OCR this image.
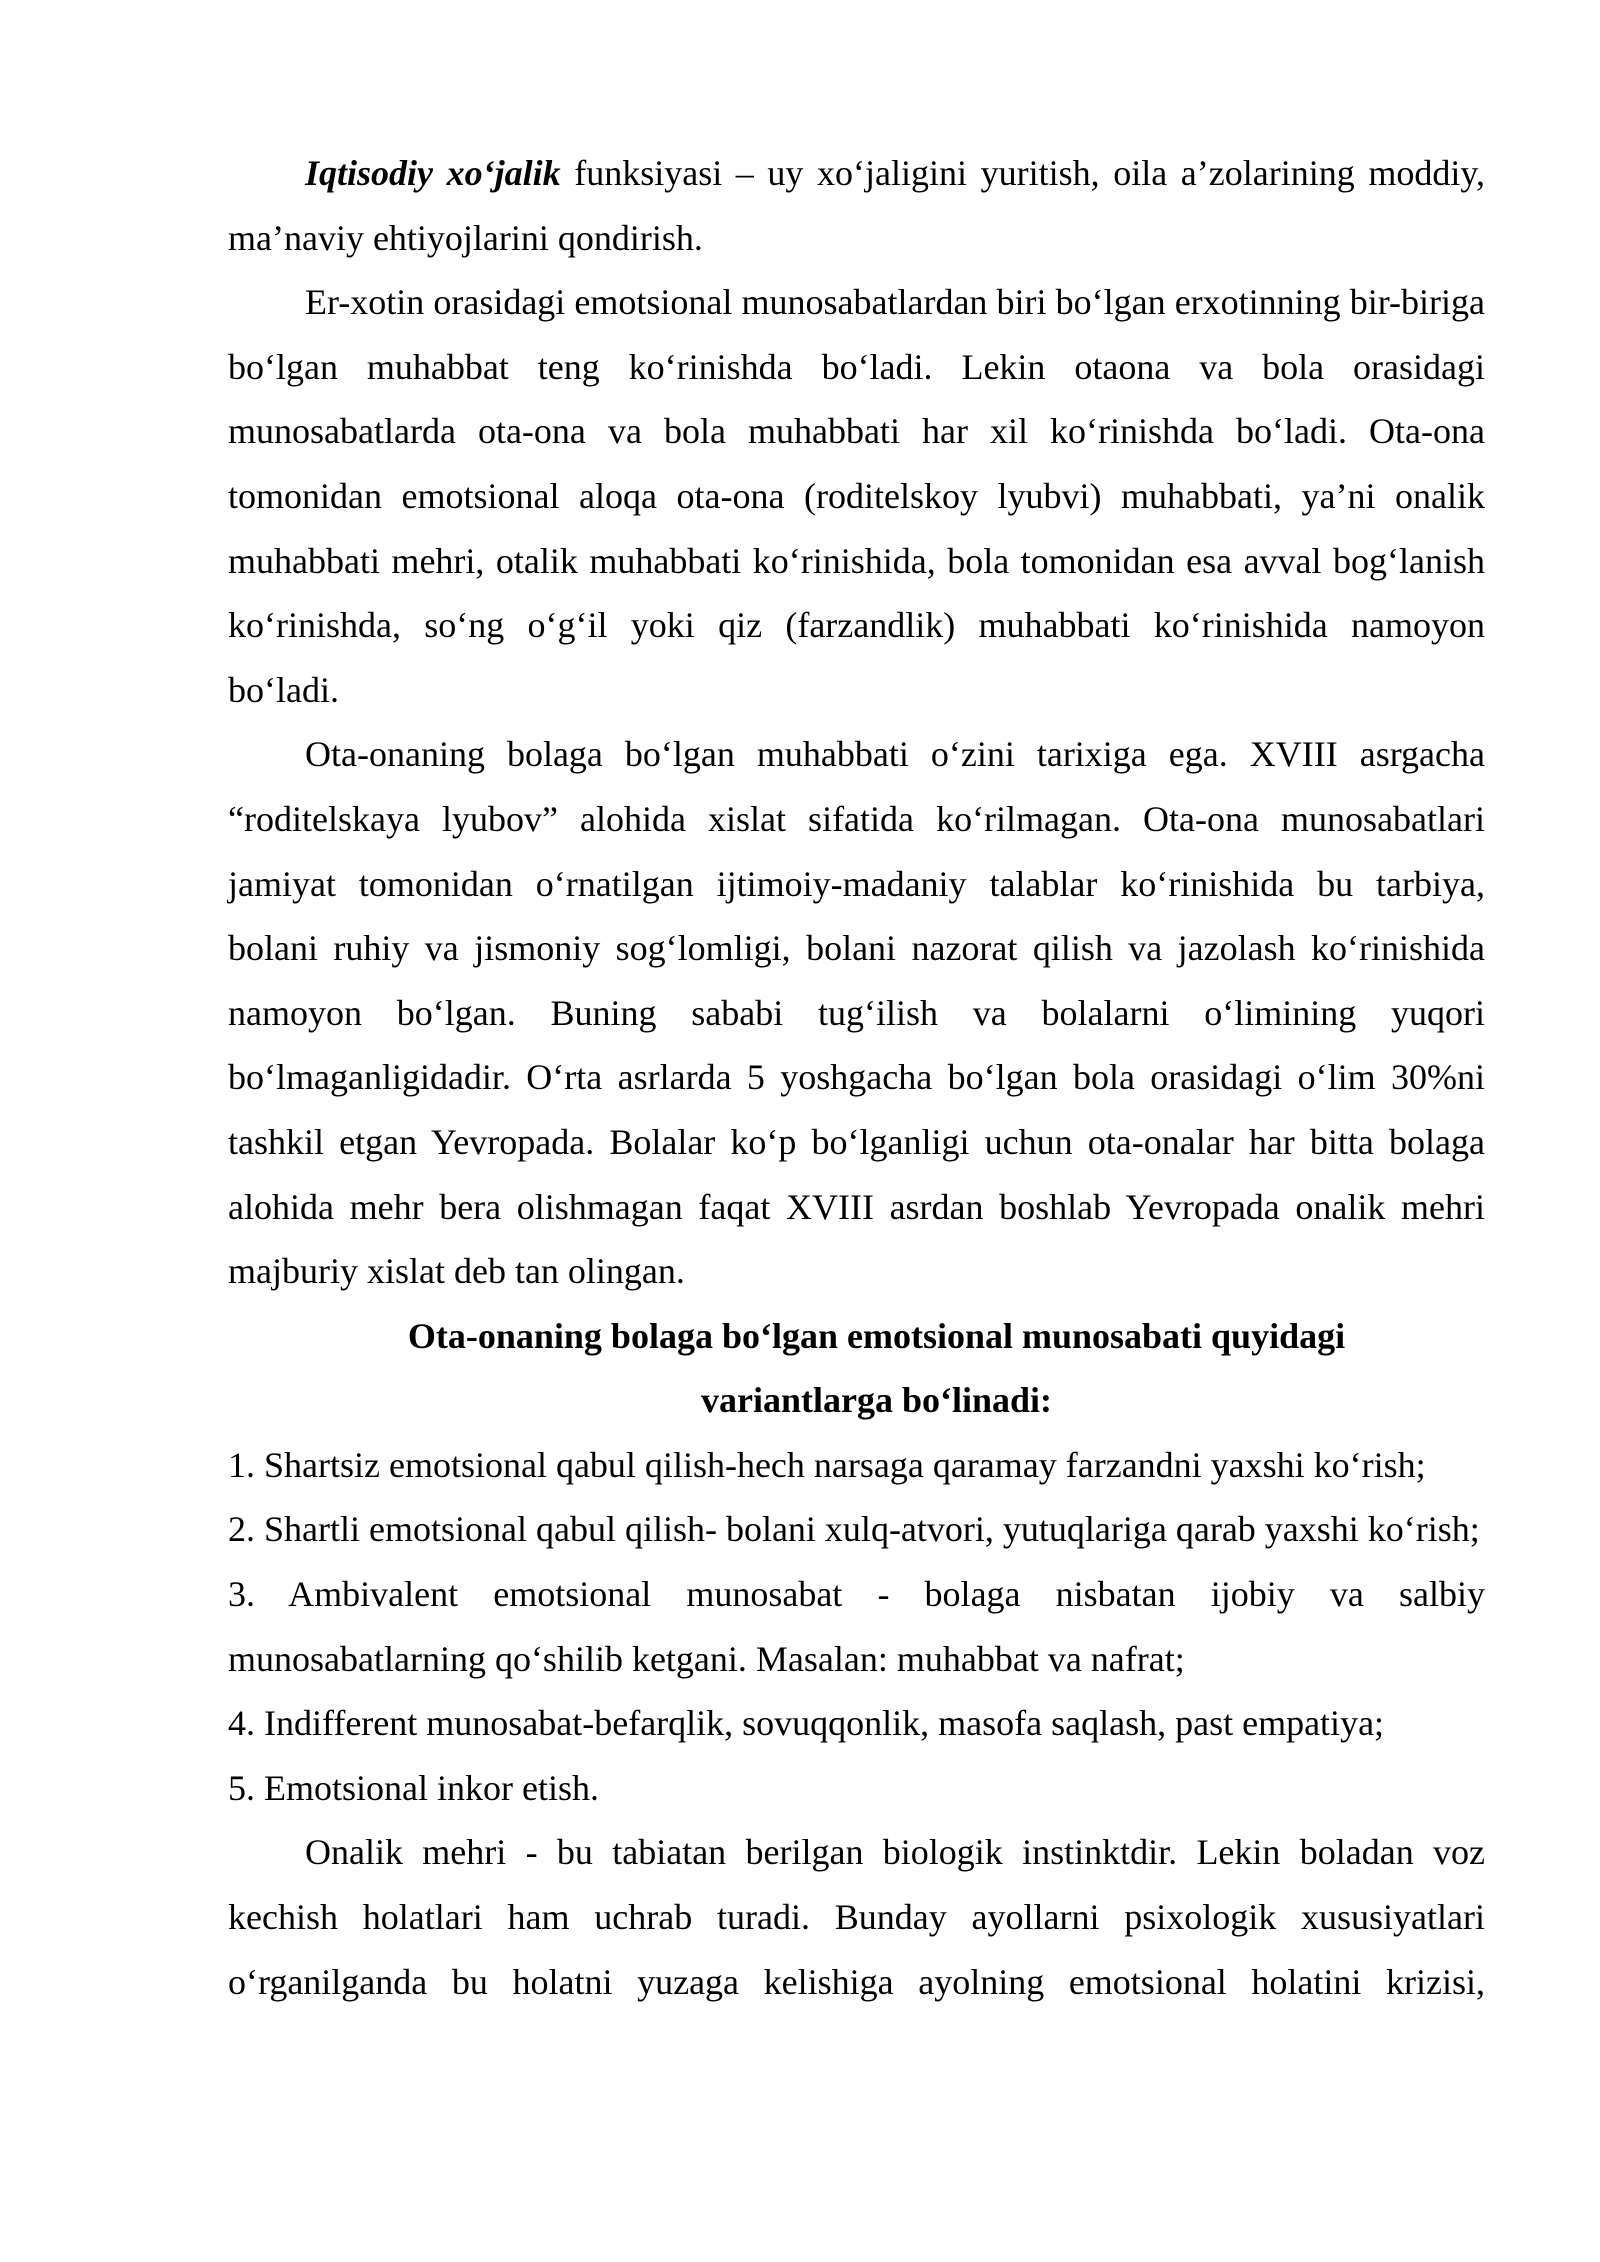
Iqtisodiy xo‘jalik funksiyasi – uy xo‘jaligini yuritish, oila a’zolarining moddiy, ma’naviy ehtiyojlarini qondirish.

Er-xotin orasidagi emotsional munosabatlardan biri bo‘lgan erxotinning bir-biriga bo‘lgan muhabbat teng ko‘rinishda bo‘ladi. Lekin otaona va bola orasidagi munosabatlarda ota-ona va bola muhabbati har xil ko‘rinishda bo‘ladi. Ota-ona tomonidan emotsional aloqa ota-ona (roditelskoy lyubvi) muhabbati, ya’ni onalik muhabbati mehri, otalik muhabbati ko‘rinishida, bola tomonidan esa avval bog‘lanish ko‘rinishda, so‘ng o‘g‘il yoki qiz (farzandlik) muhabbati ko‘rinishida namoyon bo‘ladi.

Ota-onaning bolaga bo‘lgan muhabbati o‘zini tarixiga ega. XVIII asrgacha “roditelskaya lyubov” alohida xislat sifatida ko‘rilmagan. Ota-ona munosabatlari jamiyat tomonidan o‘rnatilgan ijtimoiy-madaniy talablar ko‘rinishida bu tarbiya, bolani ruhiy va jismoniy sog‘lomligi, bolani nazorat qilish va jazolash ko‘rinishida namoyon bo‘lgan. Buning sababi tug‘ilish va bolalarni o‘limining yuqori bo‘lmaganligidadir. O‘rta asrlarda 5 yoshgacha bo‘lgan bola orasidagi o‘lim 30%ni tashkil etgan Yevropada. Bolalar ko‘p bo‘lganligi uchun ota-onalar har bitta bolaga alohida mehr bera olishmagan faqat XVIII asrdan boshlab Yevropada onalik mehri majburiy xislat deb tan olingan.

Ota-onaning bolaga bo‘lgan emotsional munosabati quyidagi
variantlarga bo‘linadi:

1. Shartsiz emotsional qabul qilish-hech narsaga qaramay farzandni yaxshi ko‘rish;
2. Shartli emotsional qabul qilish- bolani xulq-atvori, yutuqlariga qarab yaxshi ko‘rish;
3. Ambivalent emotsional munosabat - bolaga nisbatan ijobiy va salbiy munosabatlarning qo‘shilib ketgani. Masalan: muhabbat va nafrat;
4. Indifferent munosabat-befarqlik, sovuqqonlik, masofa saqlash, past empatiya;
5. Emotsional inkor etish.

Onalik mehri - bu tabiatan berilgan biologik instinktdir. Lekin boladan voz kechish holatlari ham uchrab turadi. Bunday ayollarni psixologik xususiyatlari o‘rganilganda bu holatni yuzaga kelishiga ayolning emotsional holatini krizisi,
